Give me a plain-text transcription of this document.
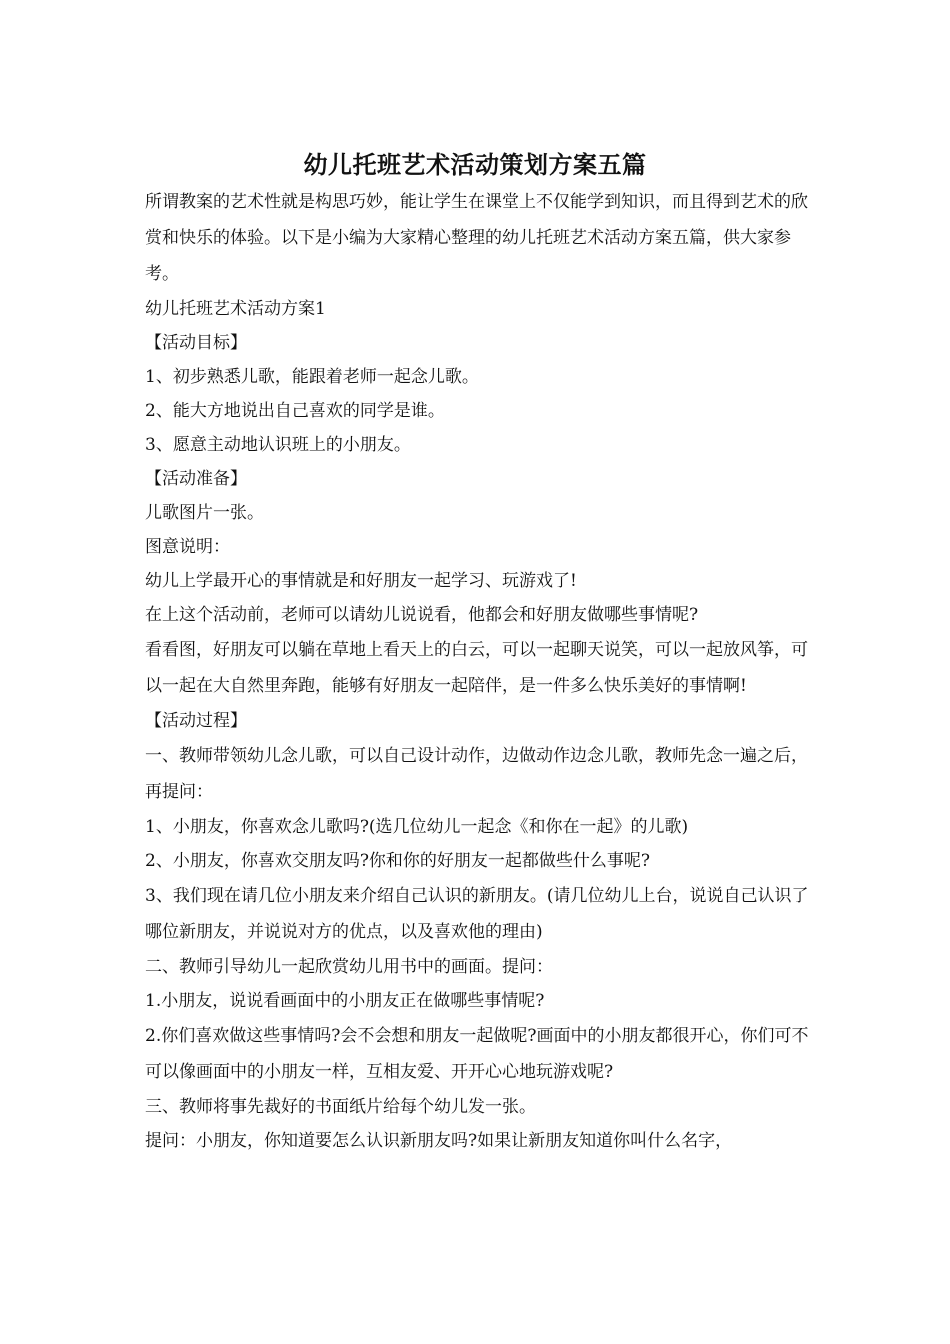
幼儿托班艺术活动策划方案五篇

所谓教案的艺术性就是构思巧妙，能让学生在课堂上不仅能学到知识，而且得到艺术的欣赏和快乐的体验。以下是小编为大家精心整理的幼儿托班艺术活动方案五篇，供大家参考。

幼儿托班艺术活动方案1

【活动目标】

1、初步熟悉儿歌，能跟着老师一起念儿歌。

2、能大方地说出自己喜欢的同学是谁。

3、愿意主动地认识班上的小朋友。

【活动准备】

儿歌图片一张。

图意说明：

幼儿上学最开心的事情就是和好朋友一起学习、玩游戏了!

在上这个活动前，老师可以请幼儿说说看，他都会和好朋友做哪些事情呢?

看看图，好朋友可以躺在草地上看天上的白云，可以一起聊天说笑，可以一起放风筝，可以一起在大自然里奔跑，能够有好朋友一起陪伴，是一件多么快乐美好的事情啊!

【活动过程】

一、教师带领幼儿念儿歌，可以自己设计动作，边做动作边念儿歌，教师先念一遍之后，再提问：

1、小朋友，你喜欢念儿歌吗?(选几位幼儿一起念《和你在一起》的儿歌)

2、小朋友，你喜欢交朋友吗?你和你的好朋友一起都做些什么事呢?

3、我们现在请几位小朋友来介绍自己认识的新朋友。(请几位幼儿上台，说说自己认识了哪位新朋友，并说说对方的优点，以及喜欢他的理由)

二、教师引导幼儿一起欣赏幼儿用书中的画面。提问：

1.小朋友，说说看画面中的小朋友正在做哪些事情呢?

2.你们喜欢做这些事情吗?会不会想和朋友一起做呢?画面中的小朋友都很开心，你们可不可以像画面中的小朋友一样，互相友爱、开开心心地玩游戏呢?

三、教师将事先裁好的书面纸片给每个幼儿发一张。

提问：小朋友，你知道要怎么认识新朋友吗?如果让新朋友知道你叫什么名字，
